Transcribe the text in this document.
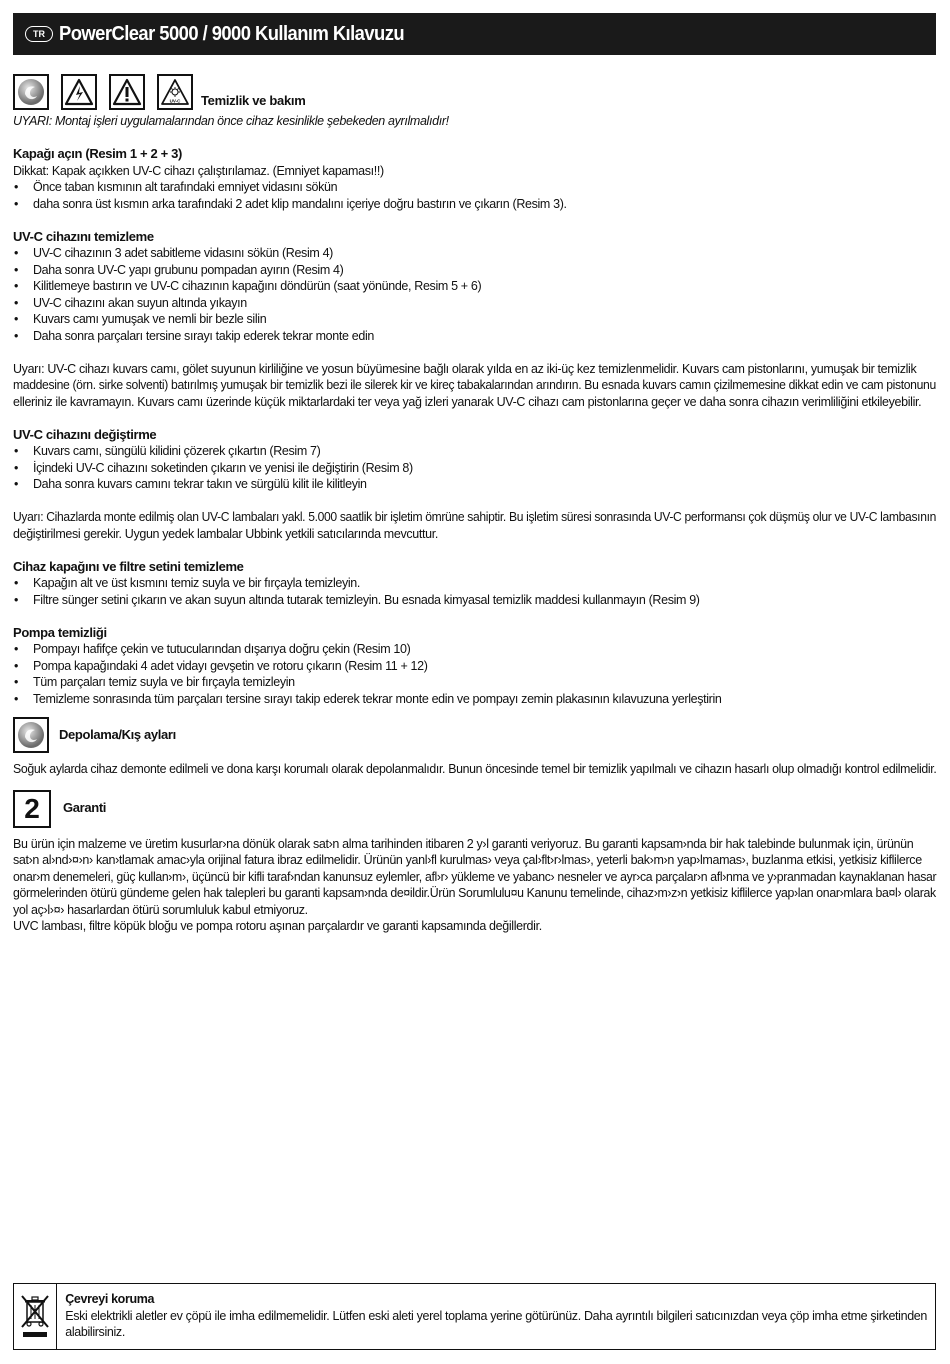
TR PowerClear 5000 / 9000 Kullanım Kılavuzu
UV-C Temizlik ve bakım

UYARI: Montaj işleri uygulamalarından önce cihaz kesinlikle şebekeden ayrılmalıdır!

Kapağı açın (Resim 1 + 2 + 3)

Dikkat: Kapak açıkken UV-C cihazı çalıştırılamaz. (Emniyet kapaması!!)

• Önce taban kısmının alt tarafındaki emniyet vidasını sökün
• daha sonra üst kısmın arka tarafındaki 2 adet klip mandalını içeriye doğru bastırın ve çıkarın (Resim 3).
UV-C cihazını temizleme
• UV-C cihazının 3 adet sabitleme vidasını sökün (Resim 4)
• Daha sonra UV-C yapı grubunu pompadan ayırın (Resim 4)
• Kilitlemeye bastırın ve UV-C cihazının kapağını döndürün (saat yönünde, Resim 5 + 6)
• UV-C cihazını akan suyun altında yıkayın
• Kuvars camı yumuşak ve nemli bir bezle silin
• Daha sonra parçaları tersine sırayı takip ederek tekrar monte edin
Uyarı: UV-C cihazı kuvars camı, gölet suyunun kirliliğine ve yosun büyümesine bağlı olarak yılda en az iki-üç kez temizlenmelidir. Kuvars cam pistonlarını, yumuşak bir temizlik
maddesine (örn. sirke solventi) batırılmış yumuşak bir temizlik bezi ile silerek kir ve kireç tabakalarından arındırın. Bu esnada kuvars camın çizilmemesine dikkat edin ve cam pistonunu
elleriniz ile kavramayın. Kuvars camı üzerinde küçük miktarlardaki ter veya yağ izleri yanarak UV-C cihazı cam pistonlarına geçer ve daha sonra cihazın verimliliğini etkileyebilir.
UV-C cihazını değiştirme
• Kuvars camı, süngülü kilidini çözerek çıkartın (Resim 7)
• İçindeki UV-C cihazını soketinden çıkarın ve yenisi ile değiştirin (Resim 8)
• Daha sonra kuvars camını tekrar takın ve sürgülü kilit ile kilitleyin
Uyarı: Cihazlarda monte edilmiş olan UV-C lambaları yakl. 5.000 saatlik bir işletim ömrüne sahiptir. Bu işletim süresi sonrasında UV-C performansı çok düşmüş olur ve UV-C lambasının
değiştirilmesi gerekir. Uygun yedek lambalar Ubbink yetkili satıcılarında mevcuttur.
Cihaz kapağını ve filtre setini temizleme
• Kapağın alt ve üst kısmını temiz suyla ve bir fırçayla temizleyin.
• Filtre sünger setini çıkarın ve akan suyun altında tutarak temizleyin. Bu esnada kimyasal temizlik maddesi kullanmayın (Resim 9)
Pompa temizliği
• Pompayı hafifçe çekin ve tutucularından dışarıya doğru çekin (Resim 10)
• Pompa kapağındaki 4 adet vidayı gevşetin ve rotoru çıkarın (Resim 11 + 12)
• Tüm parçaları temiz suyla ve bir fırçayla temizleyin
• Temizleme sonrasında tüm parçaları tersine sırayı takip ederek tekrar monte edin ve pompayı zemin plakasının kılavuzuna yerleştirin
Depolama/Kış ayları

Soğuk aylarda cihaz demonte edilmeli ve dona karşı korumalı olarak depolanmalıdır. Bunun öncesinde temel bir temizlik yapılmalı ve cihazın hasarlı olup olmadığı kontrol edilmelidir.

2	Garanti
Bu ürün için malzeme ve üretim kusurlar›na dönük olarak sat›n alma tarihinden itibaren 2 y›l garanti veriyoruz. Bu garanti kapsam›nda bir hak talebinde bulunmak için, ürünün
sat›n al›nd›¤›n› kan›tlamak amac›yla orijinal fatura ibraz edilmelidir. Ürünün yanl›fl kurulmas› veya çal›flt›r›lmas›, yeterli bak›m›n yap›lmamas›, buzlanma etkisi, yetkisiz kiflilerce
onar›m denemeleri, güç kullan›m›, üçüncü bir kifli taraf›ndan kanunsuz eylemler, afl›r› yükleme ve yabanc› nesneler ve ayr›ca parçalar›n afl›nma ve y›pranmadan kaynaklanan hasar
görmelerinden ötürü gündeme gelen hak talepleri bu garanti kapsam›nda de¤ildir.Ürün Sorumlulu¤u Kanunu temelinde, cihaz›m›z›n yetkisiz kiflilerce yap›lan onar›mlara ba¤l› olarak
yol aç›l›¤› hasarlardan ötürü sorumluluk kabul etmiyoruz.
UVC lambası, filtre köpük bloğu ve pompa rotoru aşınan parçalardır ve garanti kapsamında değillerdir.
Çevreyi koruma
Eski elektrikli aletler ev çöpü ile imha edilmemelidir. Lütfen eski aleti yerel toplama yerine götürünüz. Daha ayrıntılı bilgileri satıcınızdan veya çöp imha etme şirketinden
alabilirsiniz.
